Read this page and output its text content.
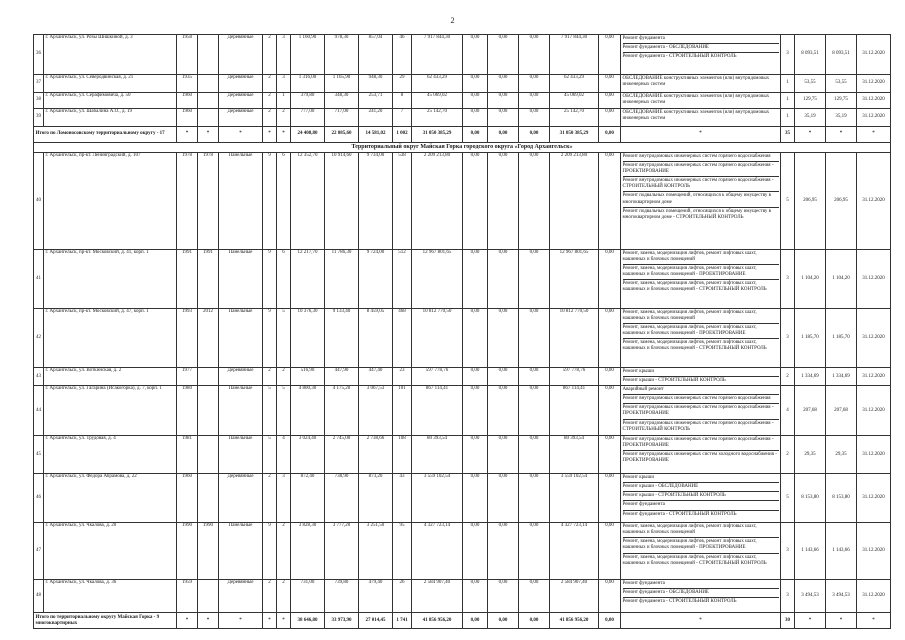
2
36	г. Архангельск, ул. Розы Шишкиной, д. 3	1958		Деревянные	2	3	1 160,90	978,30	857,04	46	7 917 844,30	0,00	0,00	0,00	7 917 844,30	0,00	Ремонт фундамента
Ремонт фундамента - ОБСЛЕДОВАНИЕ
Ремонт фундамента - СТРОИТЕЛЬНЫЙ КОНТРОЛЬ	3	8 093,51	8 093,51	31.12.2020
37	г. Архангельск, ул. Северодвинская, д. 21	1935		Деревянные	2	3	1 316,00	1 165,90	948,30	29	62 433,29	0,00	0,00	0,00	62 433,29	0,00	ОБСЛЕДОВАНИЕ конструктивных элементов (или) внутридомовых инженерных систем	1	53,55	53,55	31.12.2020
38	г. Архангельск, ул. Серафимовича, д. 50	1960		Деревянные	2	1	379,80	348,30	253,71	8	45 069,02	0,00	0,00	0,00	45 069,02	0,00	ОБСЛЕДОВАНИЕ конструктивных элементов (или) внутридомовых инженерных систем	1	129,75	129,75	31.12.2020
39	г. Архангельск, ул. Шабалина А.О., д. 19	1960		Деревянные	2	2	777,00	717,00	241,20	7	25 142,70	0,00	0,00	0,00	25 142,70	0,00	ОБСЛЕДОВАНИЕ конструктивных элементов (или) внутридомовых инженерных систем	1	35,19	35,19	31.12.2020
Итого по Ломоносовскому территориальному округу - 17		*	*	*	*	*	24 408,80	22 085,60	14 581,02	1 002	31 050 385,29	0,00	0,00	0,00	31 050 385,29	0,00	*	35	*	*	*
Территориальный округ Майская Горка городского округа «Город Архангельск»																					
40	г. Архангельск, пр-кт. Ленинградский, д. 107	1978	1978	Панельные	9	6	12 352,70	10 914,60	9 734,00	538	2 209 213,80	0,00	0,00	0,00	2 209 213,80	0,00	Ремонт внутридомовых инженерных систем горячего водоснабжения
Ремонт внутридомовых инженерных систем горячего водоснабжения - ПРОЕКТИРОВАНИЕ
Ремонт внутридомовых инженерных систем горячего водоснабжения - СТРОИТЕЛЬНЫЙ КОНТРОЛЬ
Ремонт подвальных помещений, относящихся к общему имуществу в многоквартирном доме
Ремонт подвальных помещений, относящихся к общему имуществу в многоквартирном доме - СТРОИТЕЛЬНЫЙ КОНТРОЛЬ	5	206,95	206,95	31.12.2020
41	г. Архангельск, пр-кт. Московский, д. 41, корп. 1	1991	1991	Панельные	9	6	12 217,70	11 786,30	9 724,00	512	12 967 801,65	0,00	0,00	0,00	12 967 801,65	0,00	Ремонт, замена, модернизация лифтов, ремонт лифтовых шахт, машинных и блочных помещений
Ремонт, замена, модернизация лифтов, ремонт лифтовых шахт, машинных и блочных помещений - ПРОЕКТИРОВАНИЕ
Ремонт, замена, модернизация лифтов, ремонт лифтовых шахт, машинных и блочных помещений - СТРОИТЕЛЬНЫЙ КОНТРОЛЬ	3	1 104,20	1 104,20	31.12.2020
42	г. Архангельск, пр-кт. Московский, д. 47, корп. 1	1993	2012	Панельные	9	5	10 376,30	9 133,40	8 459,05	468	10 812 770,50	0,00	0,00	0,00	10 812 770,50	0,00	Ремонт, замена, модернизация лифтов, ремонт лифтовых шахт, машинных и блочных помещений
Ремонт, замена, модернизация лифтов, ремонт лифтовых шахт, машинных и блочных помещений - ПРОЕКТИРОВАНИЕ
Ремонт, замена, модернизация лифтов, ремонт лифтовых шахт, машинных и блочных помещений - СТРОИТЕЛЬНЫЙ КОНТРОЛЬ	3	1 185,70	1 185,70	31.12.2020
43	г. Архангельск, ул. Воткинская, д. 2	1977		Деревянные	2	2	516,90	447,90	447,40	23	597 778,76	0,00	0,00	0,00	597 778,76	0,00	Ремонт крыши
Ремонт крыши - СТРОИТЕЛЬНЫЙ КОНТРОЛЬ	2	1 334,69	1 334,69	31.12.2020
44	г. Архангельск, ул. Гагарина (Исакогорка), д. 7, корп. 1	1980		Панельные	5	5	4 800,30	4 175,20	3 067,53	101	867 114,41	0,00	0,00	0,00	867 114,41	0,00	Аварийный ремонт
Ремонт внутридомовых инженерных систем горячего водоснабжения
Ремонт внутридомовых инженерных систем горячего водоснабжения - ПРОЕКТИРОВАНИЕ
Ремонт внутридомовых инженерных систем горячего водоснабжения - СТРОИТЕЛЬНЫЙ КОНТРОЛЬ	4	207,68	207,68	31.12.2020
45	г. Архангельск, ул. Трудовая, д. 4	1981		Панельные	5	4	3 024,40	2 745,00	2 738,66	108	80 393,54	0,00	0,00	0,00	80 393,54	0,00	Ремонт внутридомовых инженерных систем горячего водоснабжения - ПРОЕКТИРОВАНИЕ
Ремонт внутридомовых инженерных систем холодного водоснабжения - ПРОЕКТИРОВАНИЕ	2	29,35	29,35	31.12.2020
46	г. Архангельск, ул. Федора Абрамова, д. 22	1960		Деревянные	2	3	872,40	738,90	873,20	43	3 559 102,54	0,00	0,00	0,00	3 559 102,54	0,00	Ремонт крыши
Ремонт крыши - ОБСЛЕДОВАНИЕ
Ремонт крыши - СТРОИТЕЛЬНЫЙ КОНТРОЛЬ
Ремонт фундамента
Ремонт фундамента - СТРОИТЕЛЬНЫЙ КОНТРОЛЬ	5	8 153,80	8 153,80	31.12.2020
47	г. Архангельск, ул. Чкалова, д. 20	1990	1990	Панельные	9	2	3 828,30	3 777,20	3 251,50	95	4 327 723,14	0,00	0,00	0,00	4 327 723,14	0,00	Ремонт, замена, модернизация лифтов, ремонт лифтовых шахт, машинных и блочных помещений
Ремонт, замена, модернизация лифтов, ремонт лифтовых шахт, машинных и блочных помещений - ПРОЕКТИРОВАНИЕ
Ремонт, замена, модернизация лифтов, ремонт лифтовых шахт, машинных и блочных помещений - СТРОИТЕЛЬНЫЙ КОНТРОЛЬ	3	1 143,66	1 143,66	31.12.2020
48	г. Архангельск, ул. Чкалова, д. 36	1959		Деревянные	2	2	731,00	739,80	479,40	26	2 584 907,40	0,00	0,00	0,00	2 584 907,40	0,00	Ремонт фундамента
Ремонт фундамента - ОБСЛЕДОВАНИЕ
Ремонт фундамента - СТРОИТЕЛЬНЫЙ КОНТРОЛЬ	3	3 494,53	3 494,53	31.12.2020
Итого по территориальному округу Майская Горка - 9 многоквартирных		*	*	*	*	*	38 646,80	33 973,90	27 014,45	1 741	41 856 956,20	0,00	0,00	0,00	41 856 956,20	0,00	*	30	*	*	*
